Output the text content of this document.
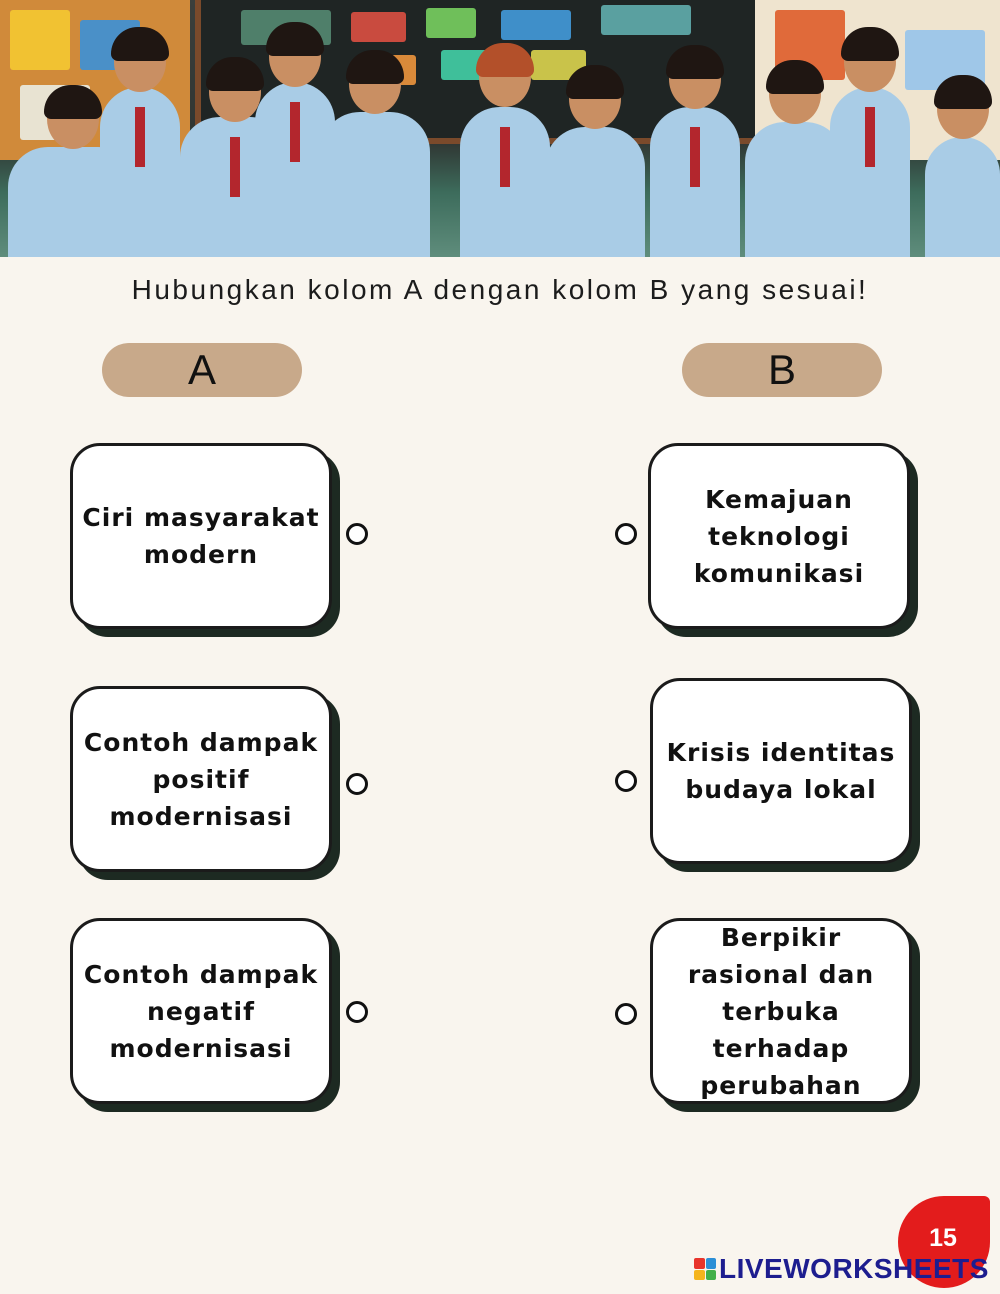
Hubungkan kolom A dengan kolom B yang sesuai!
A	B
Ciri masyarakat modern
Contoh dampak positif modernisasi
Contoh dampak negatif modernisasi
Kemajuan teknologi komunikasi
Krisis identitas budaya lokal
Berpikir rasional dan terbuka terhadap perubahan
15
LIVEWORKSHEETS
